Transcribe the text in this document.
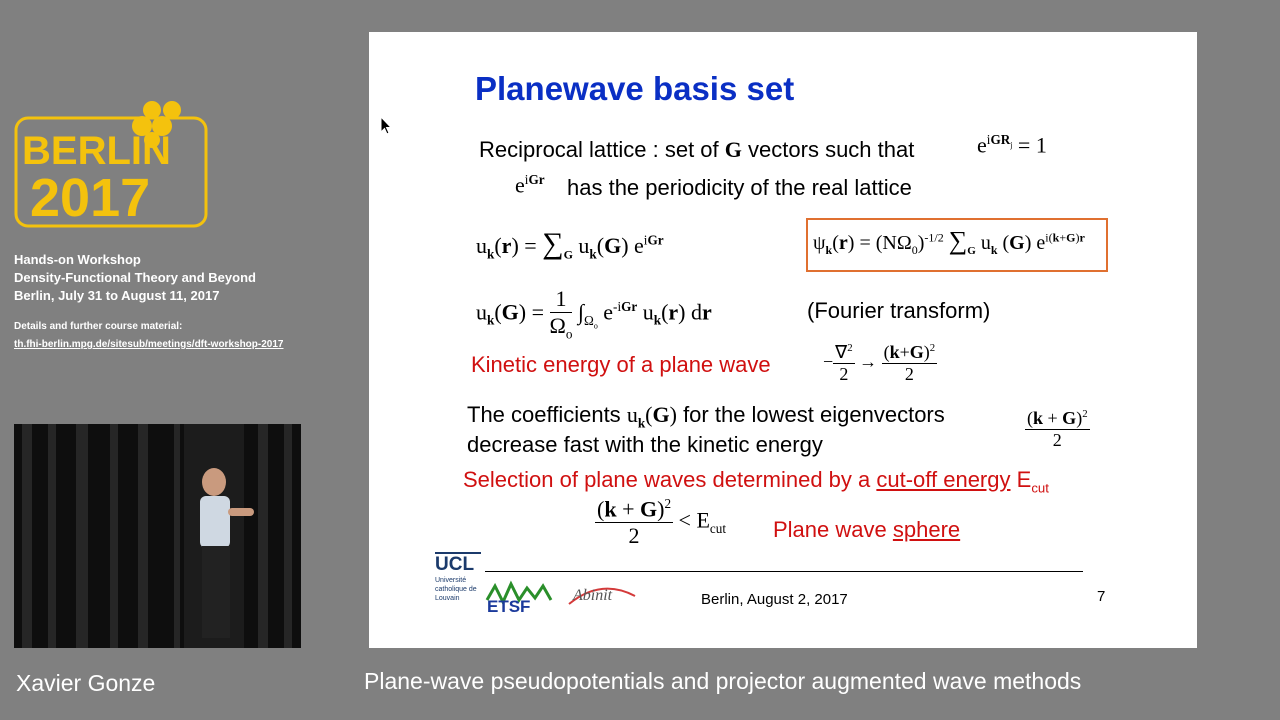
BERLIN
2017
Hands-on Workshop
Density-Functional Theory and Beyond
Berlin, July 31 to August 11, 2017
Details and further course material:
th.fhi-berlin.mpg.de/sitesub/meetings/dft-workshop-2017
Xavier Gonze	Plane-wave pseudopotentials and projector augmented wave methods
Planewave basis set
Reciprocal lattice : set of G vectors such that	$e^{iGR_j} = 1$
$e^{iGr}$ has the periodicity of the real lattice
$u_k(r) = \sum_G$ $u_k(G)$ $e^{iGr}$	$\psi_k(r) = (N\Omega_0)^{-1/2}$ $\sum_G$ $u_k$ (G) $e^{i(k+G)r}$
$u_k(G) = \frac{1}{\Omega_o} \int_{\Omega_o}$ $e^{-iGr}$ $u_k(r)$ dr	(Fourier transform)
Kinetic energy of a plane wave	− $\frac{\nabla^2}{2} \to \frac{(k+G)^2}{2}$
The coefficients $u_k(G)$ for the lowest eigenvectors
decrease fast with the kinetic energy	$\frac{(k + G)^2}{2}$
Selection of plane waves determined by a cut-off energy $E_{cut}$
$\frac{(k + G)^2}{2} < E_{cut}$ Plane wave sphere
UCL
Université catholique de Louvain	ETSF
Abinit	Berlin, August 2, 2017	7
